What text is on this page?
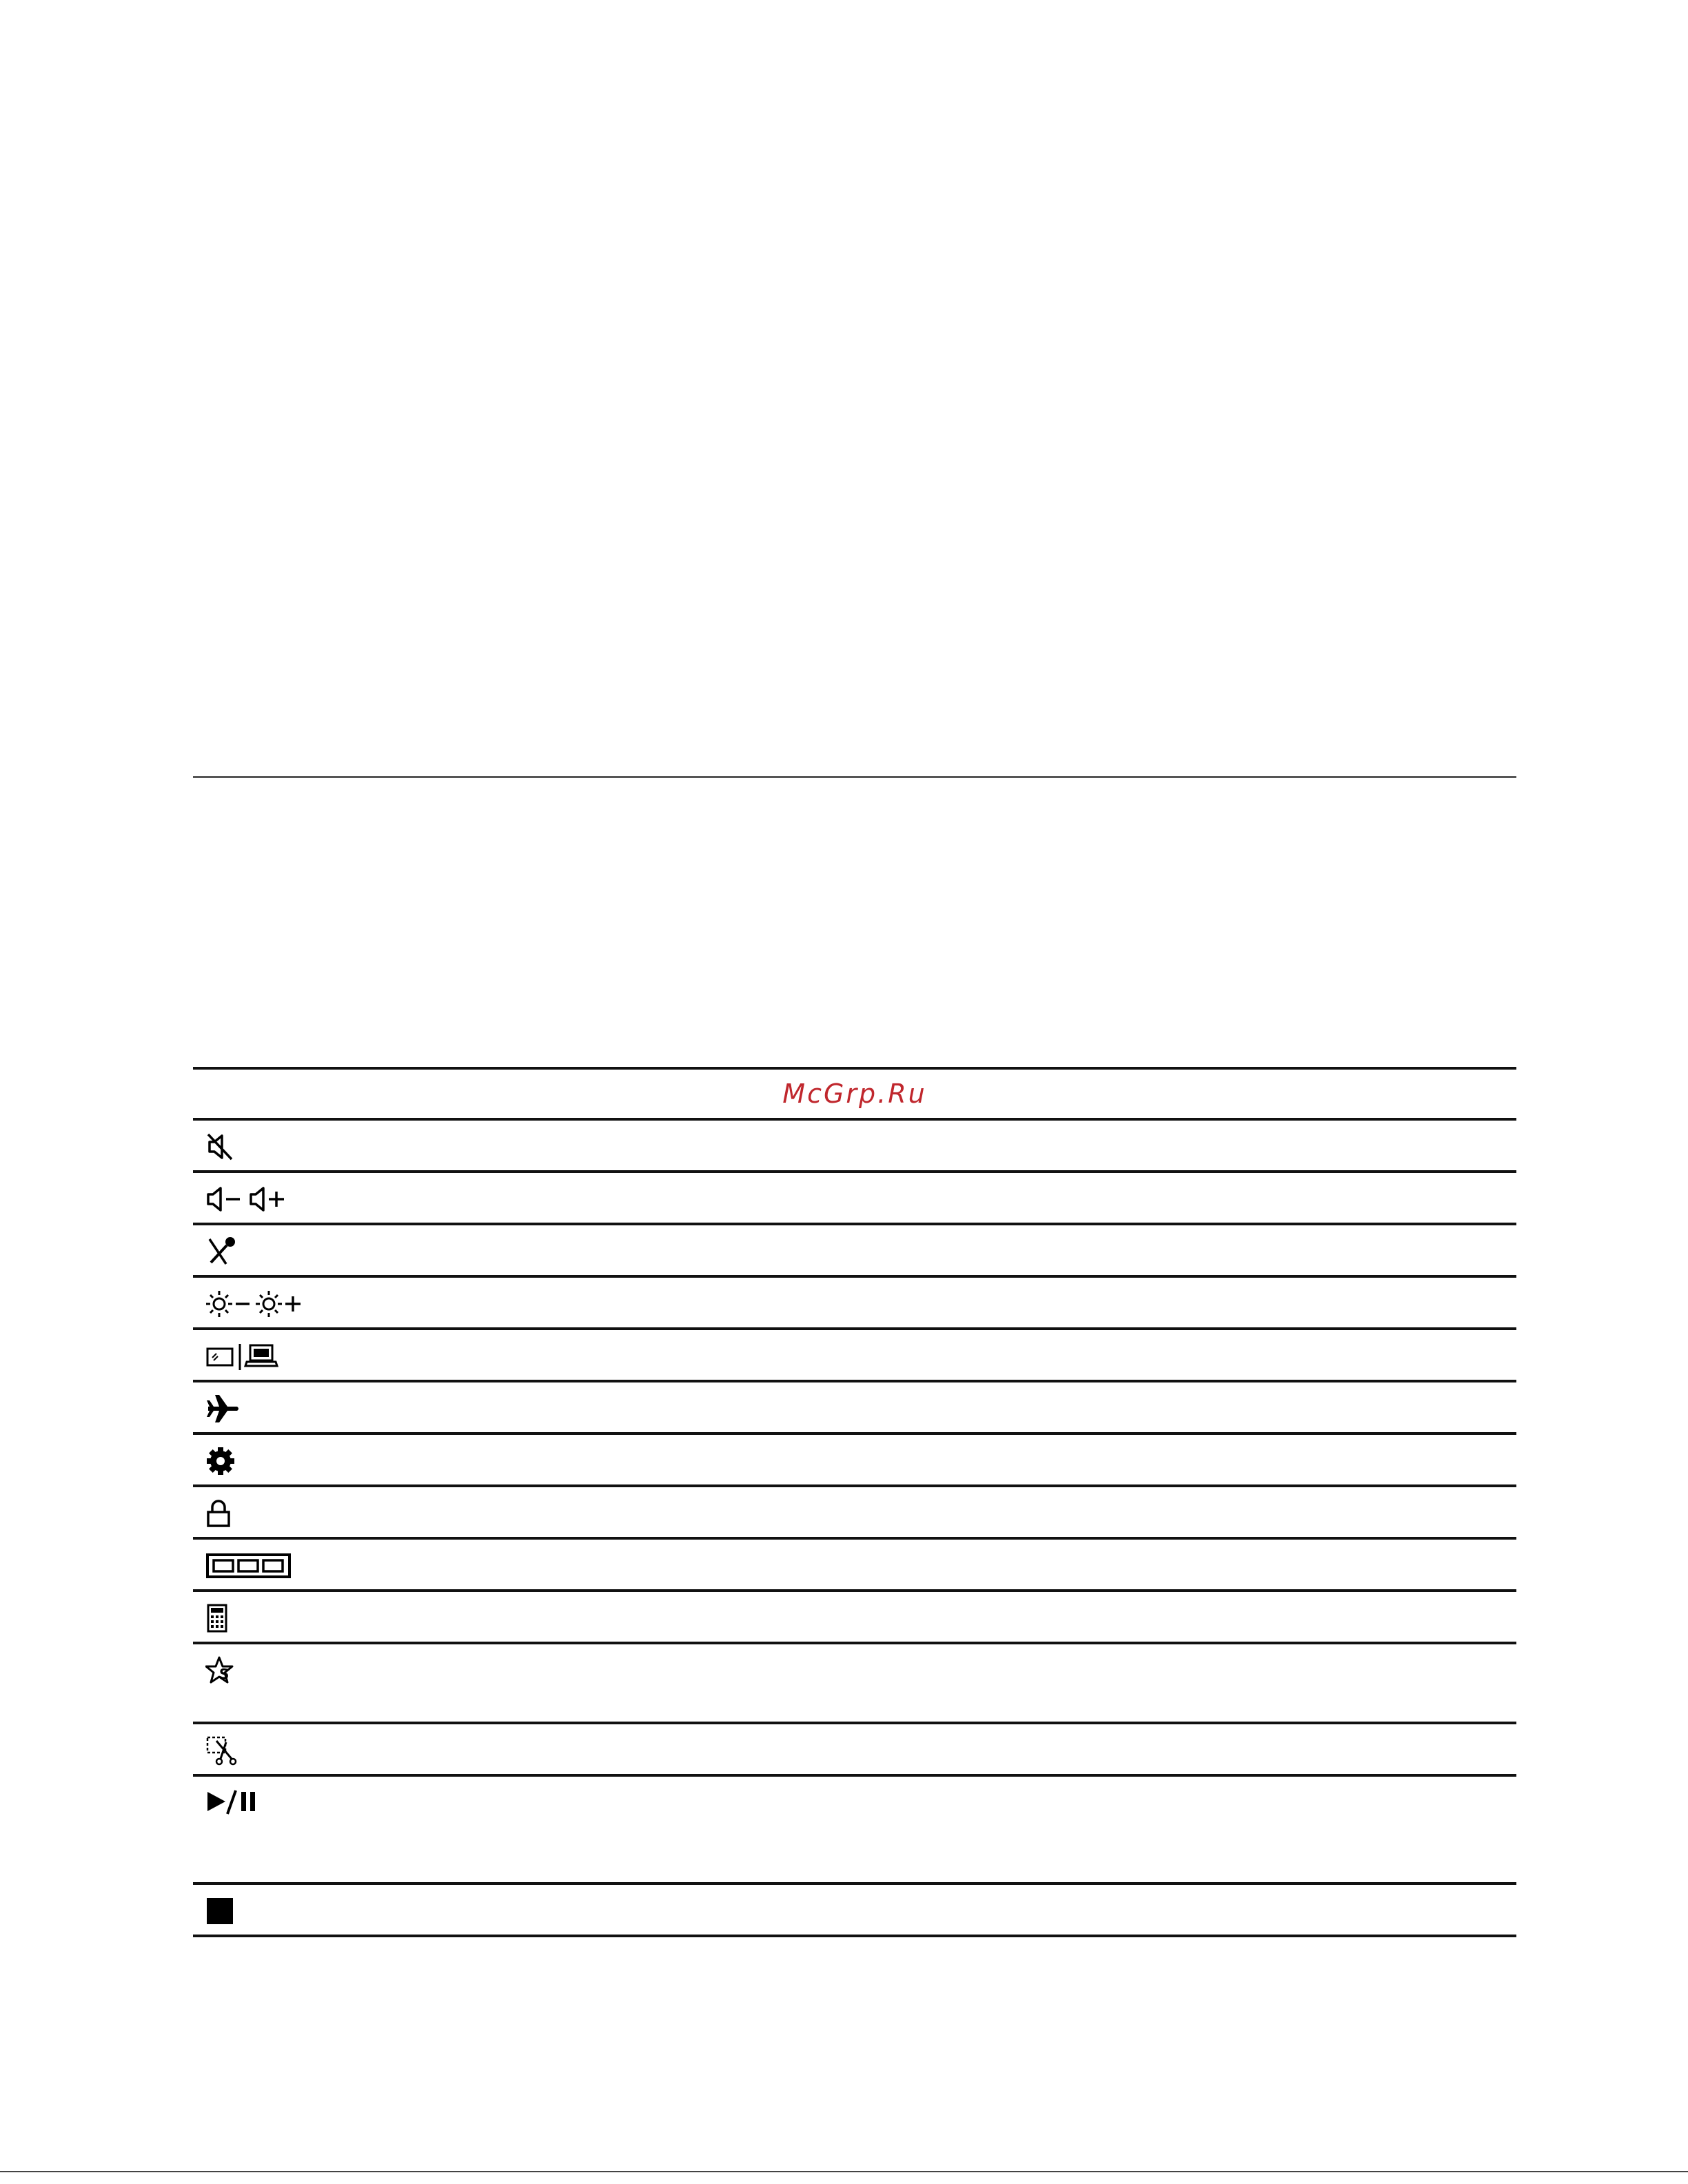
McGrp.Ru
S
